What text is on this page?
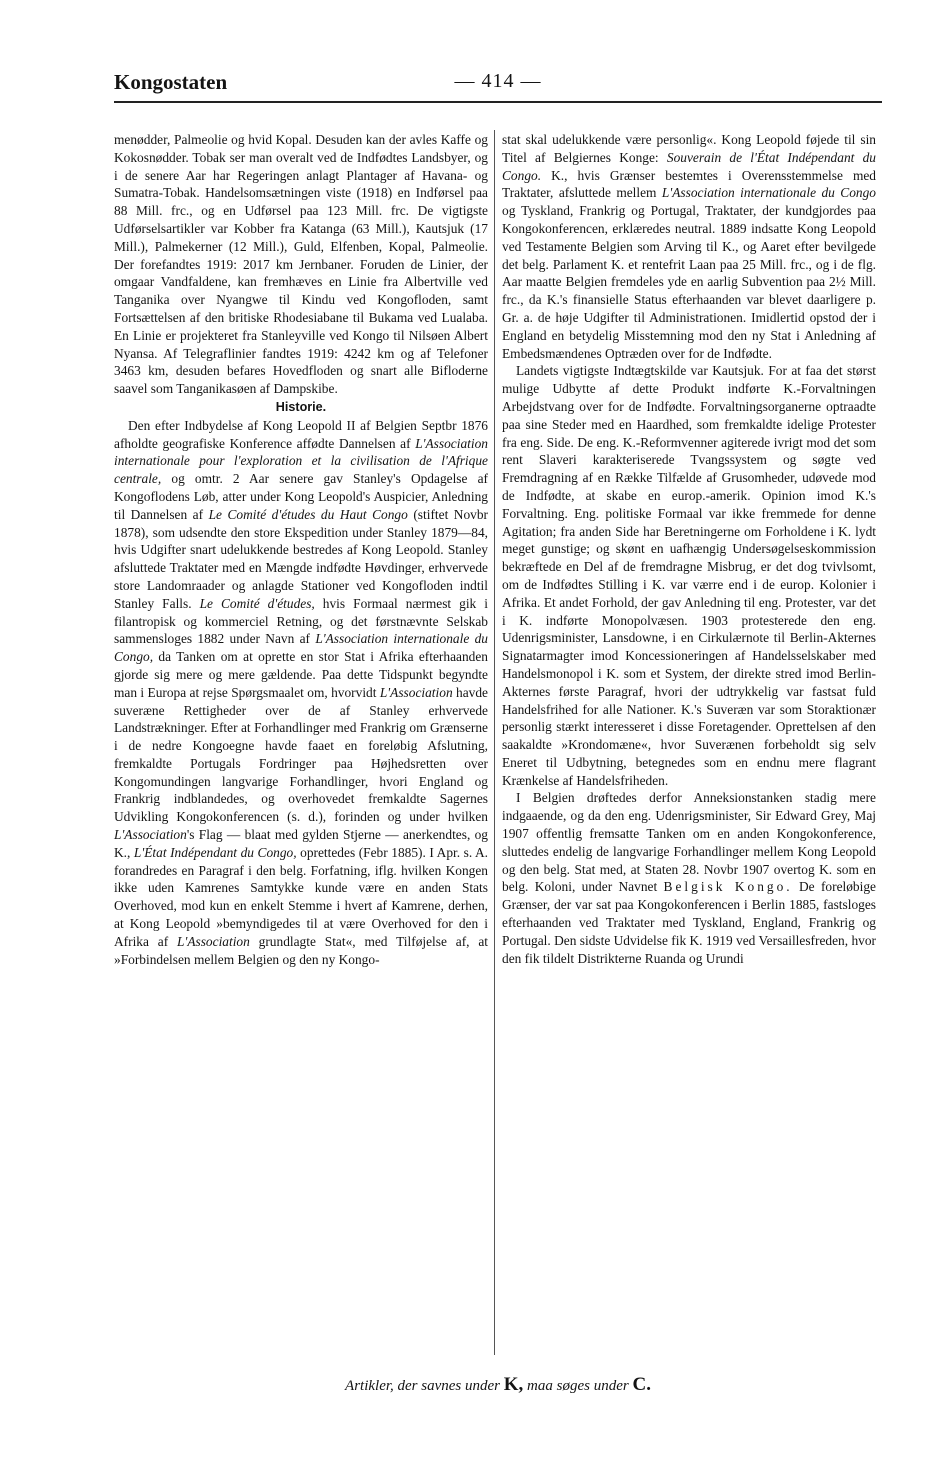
Kongostaten	— 414 —

menødder, Palmeolie og hvid Kopal. Desuden kan der avles Kaffe og Kokosnødder. Tobak ser man overalt ved de Indfødtes Landsbyer, og i de senere Aar har Regeringen anlagt Plantager af Havana- og Sumatra-Tobak. Handelsomsætningen viste (1918) en Indførsel paa 88 Mill. frc., og en Udførsel paa 123 Mill. frc. De vigtigste Udførselsartikler var Kobber fra Katanga (63 Mill.), Kautsjuk (17 Mill.), Palmekerner (12 Mill.), Guld, Elfenben, Kopal, Palmeolie. Der forefandtes 1919: 2017 km Jernbaner. Foruden de Linier, der omgaar Vandfaldene, kan fremhæves en Linie fra Albertville ved Tanganika over Nyangwe til Kindu ved Kongofloden, samt Fortsættelsen af den britiske Rhodesiabane til Bukama ved Lualaba. En Linie er projekteret fra Stanleyville ved Kongo til Nilsøen Albert Nyansa. Af Telegraflinier fandtes 1919: 4242 km og af Telefoner 3463 km, desuden befares Hovedfloden og snart alle Bifloderne saavel som Tanganikasøen af Dampskibe.

Historie.

Den efter Indbydelse af Kong Leopold II af Belgien Septbr 1876 afholdte geografiske Konference affødte Dannelsen af L'Association internationale pour l'exploration et la civilisation de l'Afrique centrale, og omtr. 2 Aar senere gav Stanley's Opdagelse af Kongoflodens Løb, atter under Kong Leopold's Auspicier, Anledning til Dannelsen af Le Comité d'études du Haut Congo (stiftet Novbr 1878), som udsendte den store Ekspedition under Stanley 1879—84, hvis Udgifter snart udelukkende bestredes af Kong Leopold. Stanley afsluttede Traktater med en Mængde indfødte Høvdinger, erhvervede store Landomraader og anlagde Stationer ved Kongofloden indtil Stanley Falls. Le Comité d'études, hvis Formaal nærmest gik i filantropisk og kommerciel Retning, og det førstnævnte Selskab sammensloges 1882 under Navn af L'Association internationale du Congo, da Tanken om at oprette en stor Stat i Afrika efterhaanden gjorde sig mere og mere gældende. Paa dette Tidspunkt begyndte man i Europa at rejse Spørgsmaalet om, hvorvidt L'Association havde suveræne Rettigheder over de af Stanley erhvervede Landstrækninger. Efter at Forhandlinger med Frankrig om Grænserne i de nedre Kongoegne havde faaet en foreløbig Afslutning, fremkaldte Portugals Fordringer paa Højhedsretten over Kongomundingen langvarige Forhandlinger, hvori England og Frankrig indblandedes, og overhovedet fremkaldte Sagernes Udvikling Kongokonferencen (s. d.), forinden og under hvilken L'Association's Flag — blaat med gylden Stjerne — anerkendtes, og K., L'État Indépendant du Congo, oprettedes (Febr 1885). I Apr. s. A. forandredes en Paragraf i den belg. Forfatning, iflg. hvilken Kongen ikke uden Kamrenes Samtykke kunde være en anden Stats Overhoved, mod kun en enkelt Stemme i hvert af Kamrene, derhen, at Kong Leopold »bemyndigedes til at være Overhoved for den i Afrika af L'Association grundlagte Stat«, med Tilføjelse af, at »Forbindelsen mellem Belgien og den ny Kongo-

stat skal udelukkende være personlig«. Kong Leopold føjede til sin Titel af Belgiernes Konge: Souverain de l'État Indépendant du Congo. K., hvis Grænser bestemtes i Overensstemmelse med Traktater, afsluttede mellem L'Association internationale du Congo og Tyskland, Frankrig og Portugal, Traktater, der kundgjordes paa Kongokonferencen, erklæredes neutral. 1889 indsatte Kong Leopold ved Testamente Belgien som Arving til K., og Aaret efter bevilgede det belg. Parlament K. et rentefrit Laan paa 25 Mill. frc., og i de flg. Aar maatte Belgien fremdeles yde en aarlig Subvention paa 2½ Mill. frc., da K.'s finansielle Status efterhaanden var blevet daarligere p. Gr. a. de høje Udgifter til Administrationen. Imidlertid opstod der i England en betydelig Misstemning mod den ny Stat i Anledning af Embedsmændenes Optræden over for de Indfødte.

Landets vigtigste Indtægtskilde var Kautsjuk. For at faa det størst mulige Udbytte af dette Produkt indførte K.-Forvaltningen Arbejdstvang over for de Indfødte. Forvaltningsorganerne optraadte paa sine Steder med en Haardhed, som fremkaldte idelige Protester fra eng. Side. De eng. K.-Reformvenner agiterede ivrigt mod det som rent Slaveri karakteriserede Tvangssystem og søgte ved Fremdragning af en Række Tilfælde af Grusomheder, udøvede mod de Indfødte, at skabe en europ.-amerik. Opinion imod K.'s Forvaltning. Eng. politiske Formaal var ikke fremmede for denne Agitation; fra anden Side har Beretningerne om Forholdene i K. lydt meget gunstige; og skønt en uafhængig Undersøgelseskommission bekræftede en Del af de fremdragne Misbrug, er det dog tvivlsomt, om de Indfødtes Stilling i K. var værre end i de europ. Kolonier i Afrika. Et andet Forhold, der gav Anledning til eng. Protester, var det i K. indførte Monopolvæsen. 1903 protesterede den eng. Udenrigsminister, Lansdowne, i en Cirkulærnote til Berlin-Akternes Signatarmagter imod Koncessioneringen af Handelsselskaber med Handelsmonopol i K. som et System, der direkte stred imod Berlin-Akternes første Paragraf, hvori der udtrykkelig var fastsat fuld Handelsfrihed for alle Nationer. K.'s Suveræn var som Storaktionær personlig stærkt interesseret i disse Foretagender. Oprettelsen af den saakaldte »Krondomæne«, hvor Suverænen forbeholdt sig selv Eneret til Udbytning, betegnedes som en endnu mere flagrant Krænkelse af Handelsfriheden.

I Belgien drøftedes derfor Anneksionstanken stadig mere indgaaende, og da den eng. Udenrigsminister, Sir Edward Grey, Maj 1907 offentlig fremsatte Tanken om en anden Kongokonference, sluttedes endelig de langvarige Forhandlinger mellem Kong Leopold og den belg. Stat med, at Staten 28. Novbr 1907 overtog K. som en belg. Koloni, under Navnet Belgisk Kongo. De foreløbige Grænser, der var sat paa Kongokonferencen i Berlin 1885, fastsloges efterhaanden ved Traktater med Tyskland, England, Frankrig og Portugal. Den sidste Udvidelse fik K. 1919 ved Versaillesfreden, hvor den fik tildelt Distrikterne Ruanda og Urundi

Artikler, der savnes under K, maa søges under C.
